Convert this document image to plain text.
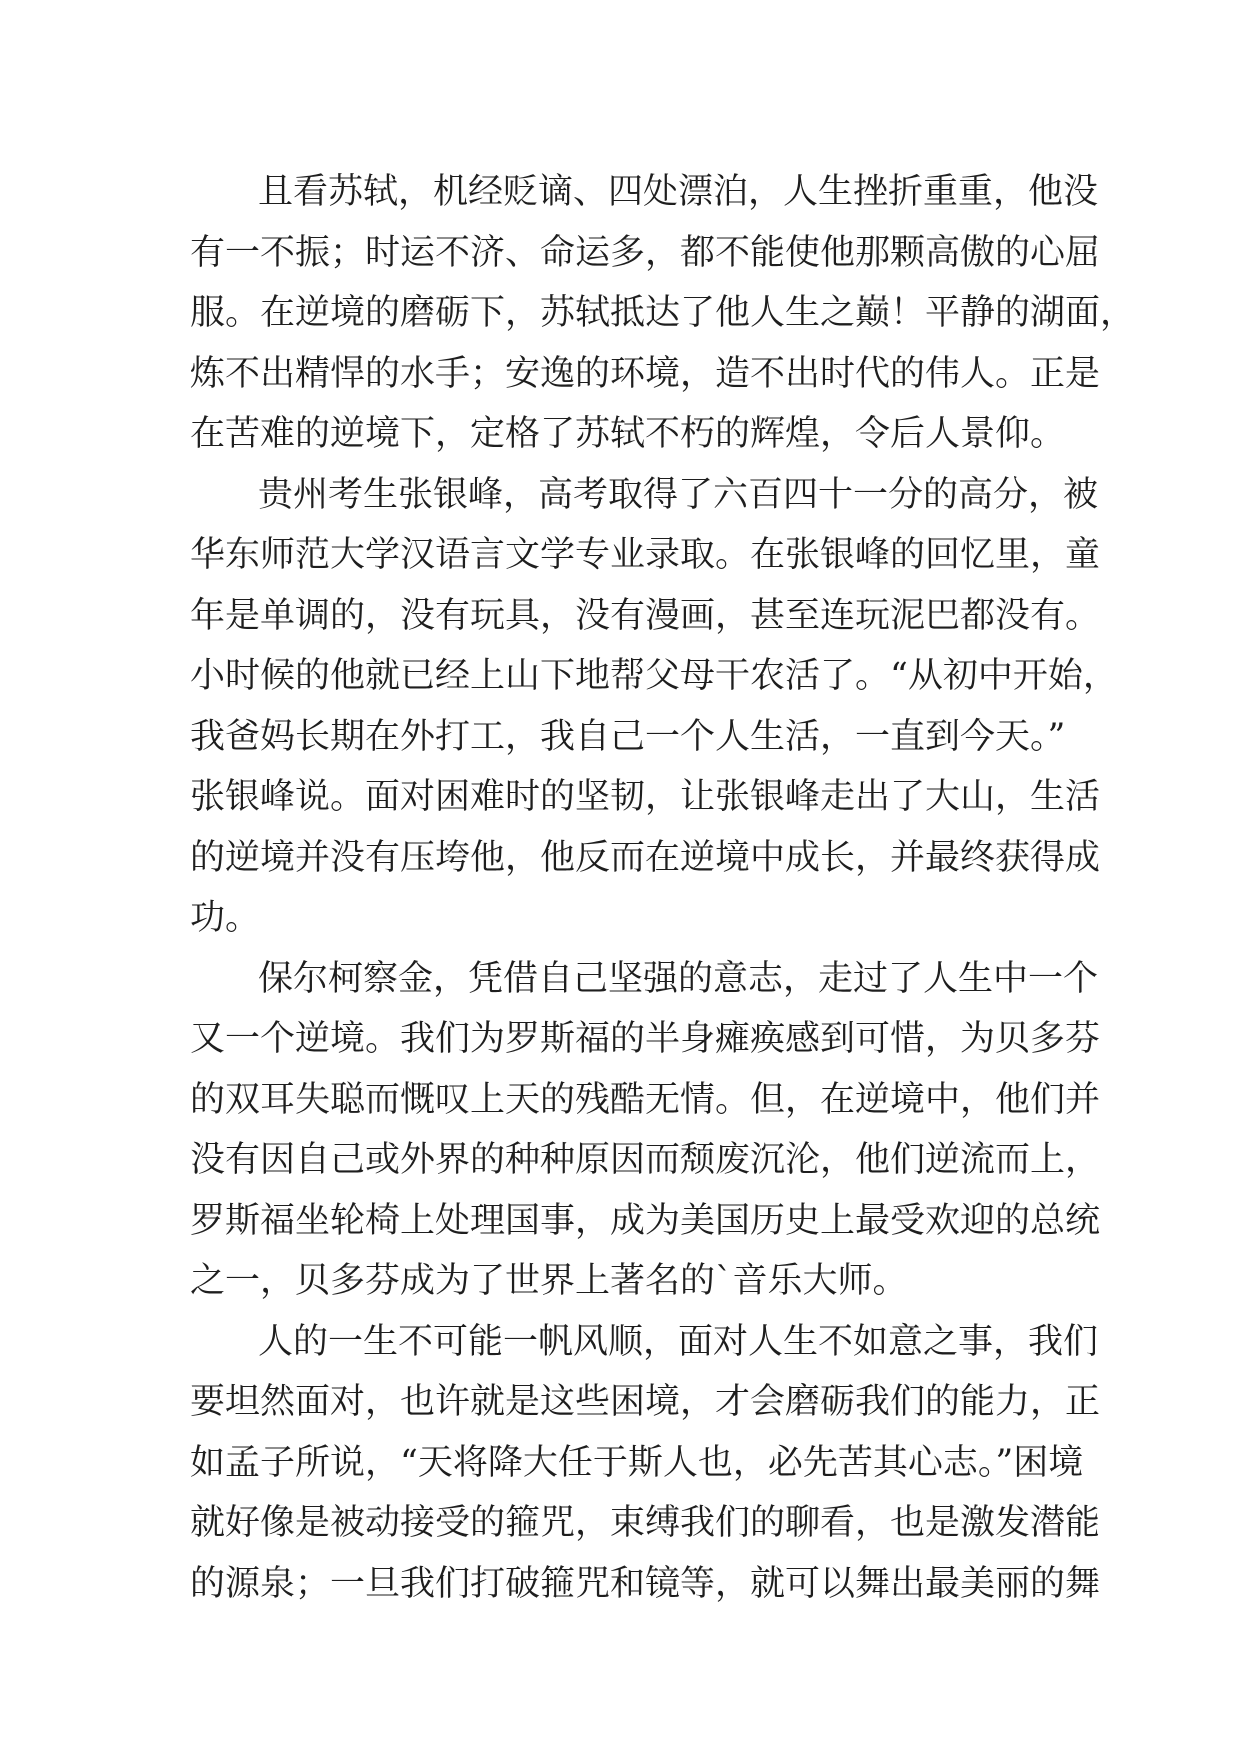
且看苏轼，机经贬谪、四处漂泊，人生挫折重重，他没
有一不振；时运不济、命运多，都不能使他那颗高傲的心屈
服。在逆境的磨砺下，苏轼抵达了他人生之巅！平静的湖面，
炼不出精悍的水手；安逸的环境，造不出时代的伟人。正是
在苦难的逆境下，定格了苏轼不朽的辉煌，令后人景仰。
贵州考生张银峰，高考取得了六百四十一分的高分，被
华东师范大学汉语言文学专业录取。在张银峰的回忆里，童
年是单调的，没有玩具，没有漫画，甚至连玩泥巴都没有。
小时候的他就已经上山下地帮父母干农活了。“从初中开始，
我爸妈长期在外打工，我自己一个人生活，一直到今天。”
张银峰说。面对困难时的坚韧，让张银峰走出了大山，生活
的逆境并没有压垮他，他反而在逆境中成长，并最终获得成
功。
保尔柯察金，凭借自己坚强的意志，走过了人生中一个
又一个逆境。我们为罗斯福的半身瘫痪感到可惜，为贝多芬
的双耳失聪而慨叹上天的残酷无情。但，在逆境中，他们并
没有因自己或外界的种种原因而颓废沉沦，他们逆流而上，
罗斯福坐轮椅上处理国事，成为美国历史上最受欢迎的总统
之一，贝多芬成为了世界上著名的`音乐大师。
人的一生不可能一帆风顺，面对人生不如意之事，我们
要坦然面对，也许就是这些困境，才会磨砺我们的能力，正
如孟子所说，“天将降大任于斯人也，必先苦其心志。”困境
就好像是被动接受的箍咒，束缚我们的聊看，也是激发潜能
的源泉；一旦我们打破箍咒和镜等，就可以舞出最美丽的舞
